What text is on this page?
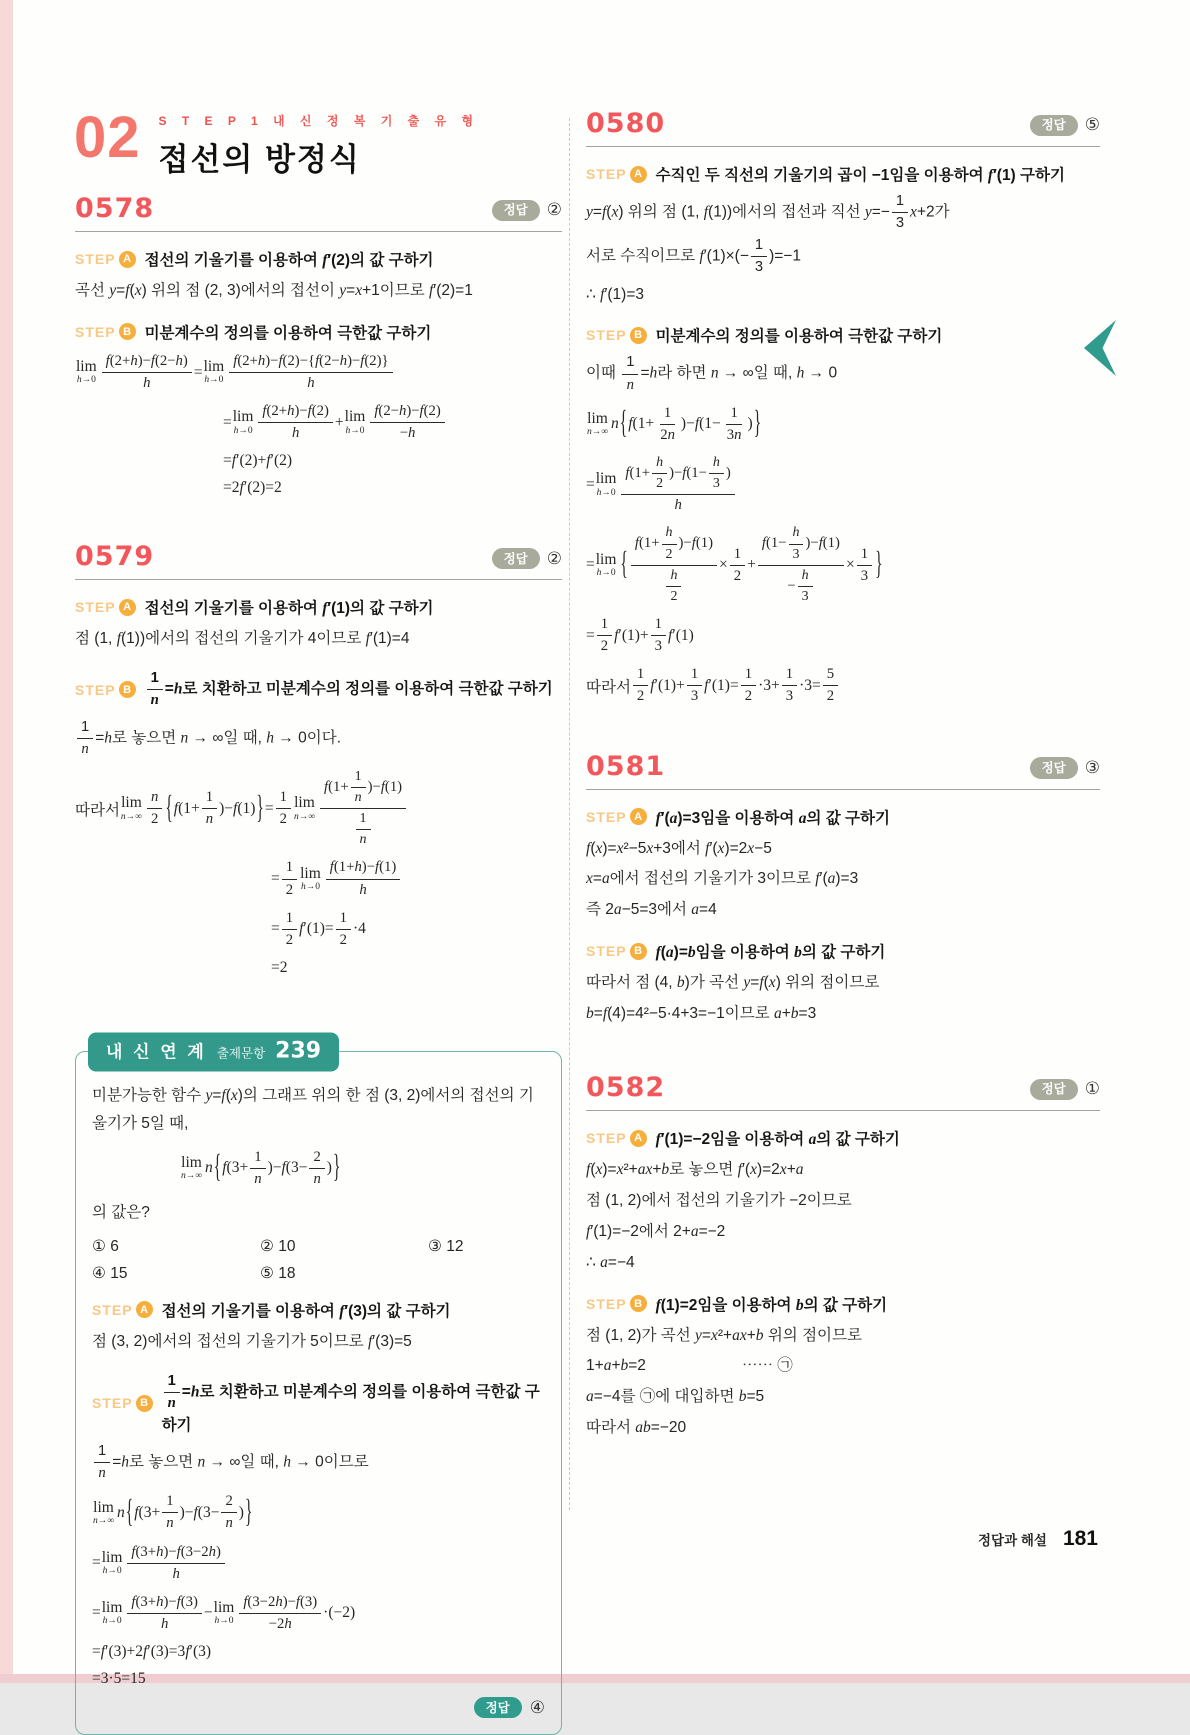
02 S T E P 1 내 신 정 복 기 출 유 형
접선의 방정식
0578	정답	②
STEP A 접선의 기울기를 이용하여 f′(2)의 값 구하기
곡선 y=f(x) 위의 점 (2, 3)에서의 접선이 y=x+1이므로 f′(2)=1
STEP B 미분계수의 정의를 이용하여 극한값 구하기
lim
h→0
f (2+ h )− f (2− h )
h
= lim
h→0
f (2+ h )− f (2)−{ f (2− h )− f (2)}
h
= lim
h→0
f (2+ h )− f (2)
h
+ lim
h→0
f (2− h )− f (2)
− h
= f ′(2)+ f ′(2)
=2 f ′(2)=2
0579	정답	②
STEP A 접선의 기울기를 이용하여 f′(1)의 값 구하기
점 (1, f(1))에서의 접선의 기울기가 4이므로 f′(1)=4
STEP B	$\frac{1}{n} =h$로 치환하고 미분계수의 정의를 이용하여 극한값 구하기
$\frac{1}{n} =h$로 놓으면 n → ∞일 때, h → 0이다.
따라서 lim
n→∞
n
2 { f (1+
1
n
)− f (1) } =
1
2
lim
n→∞
f (1+
1
n
)− f (1)
1
n
=
1
2
lim
h→0
f (1+ h )− f (1)
h
=
1
2
f ′(1)=
1
2
·4
=2
내 신 연 계 출제문항 239
미분가능한 함수 y=f(x)의 그래프 위의 한 점 (3, 2)에서의 접선의 기울기가 5일 때,
lim
n→∞ n { f (3+
1
n
)− f (3−
2
n
) }
의 값은?
① 6	② 10	③ 12
④ 15	⑤ 18
STEP A 접선의 기울기를 이용하여 f′(3)의 값 구하기
점 (3, 2)에서의 접선의 기울기가 5이므로 f′(3)=5
STEP B	$\frac{1}{n} =h$로 치환하고 미분계수의 정의를 이용하여 극한값 구하기
$\frac{1}{n} =h$로 놓으면 n → ∞일 때, h → 0이므로
lim
n→∞ n { f (3+
1
n
)− f (3−
2
n
) }
= lim
h→0
f (3+ h )− f (3−2 h )
h
= lim
h→0
f (3+ h )− f (3)
h
− lim
h→0
f (3−2 h )− f (3)
−2 h
·(−2)
= f ′(3)+2 f ′(3)=3 f ′(3)
=3·5=15
정답	④
0580	정답	⑤
STEP A 수직인 두 직선의 기울기의 곱이 −1임을 이용하여 f′(1) 구하기
y=f(x) 위의 점 (1, f(1))에서의 접선과 직선 $y=- \frac{1}{3} x+2$가
서로 수직이므로 $f'(1)\times(- \frac{1}{3} )=-1$
∴ f′(1)=3
STEP B 미분계수의 정의를 이용하여 극한값 구하기
이때 $\frac{1}{n} =h$라 하면 n → ∞일 때, h → 0
lim
n→∞ n { f (1+
1
2 n
)− f (1−
1
3 n
) }
= lim
h→0
f (1+
h
2
)− f (1−
h
3
)
h
= lim
h→0 {
f (1+
h
2
)− f (1)
h
2
×
1
2
+
f (1−
h
3
)− f (1)
−
h
3
×
1
3 }
=
1
2
f ′(1)+
1
3
f ′(1)
따라서
1
2
f ′(1)+
1
3
f ′(1)=
1
2
·3+
1
3
·3=
5
2
0581	정답	③
STEP A f′(a)=3임을 이용하여 a의 값 구하기
f(x)=x²−5x+3에서 f′(x)=2x−5
x=a에서 접선의 기울기가 3이므로 f′(a)=3
즉 2a−5=3에서 a=4
STEP B f(a)=b임을 이용하여 b의 값 구하기
따라서 점 (4, b)가 곡선 y=f(x) 위의 점이므로
b=f(4)=4²−5·4+3=−1이므로 a+b=3
0582	정답	①
STEP A f′(1)=−2임을 이용하여 a의 값 구하기
f(x)=x²+ax+b로 놓으면 f′(x)=2x+a
점 (1, 2)에서 접선의 기울기가 −2이므로
f′(1)=−2에서 2+a=−2
∴ a=−4
STEP B f(1)=2임을 이용하여 b의 값 구하기
점 (1, 2)가 곡선 y=x²+ax+b 위의 점이므로
1+a+b=2	⋯⋯ ㉠
a=−4를 ㉠에 대입하면 b=5
따라서 ab=−20
정답과 해설 181
